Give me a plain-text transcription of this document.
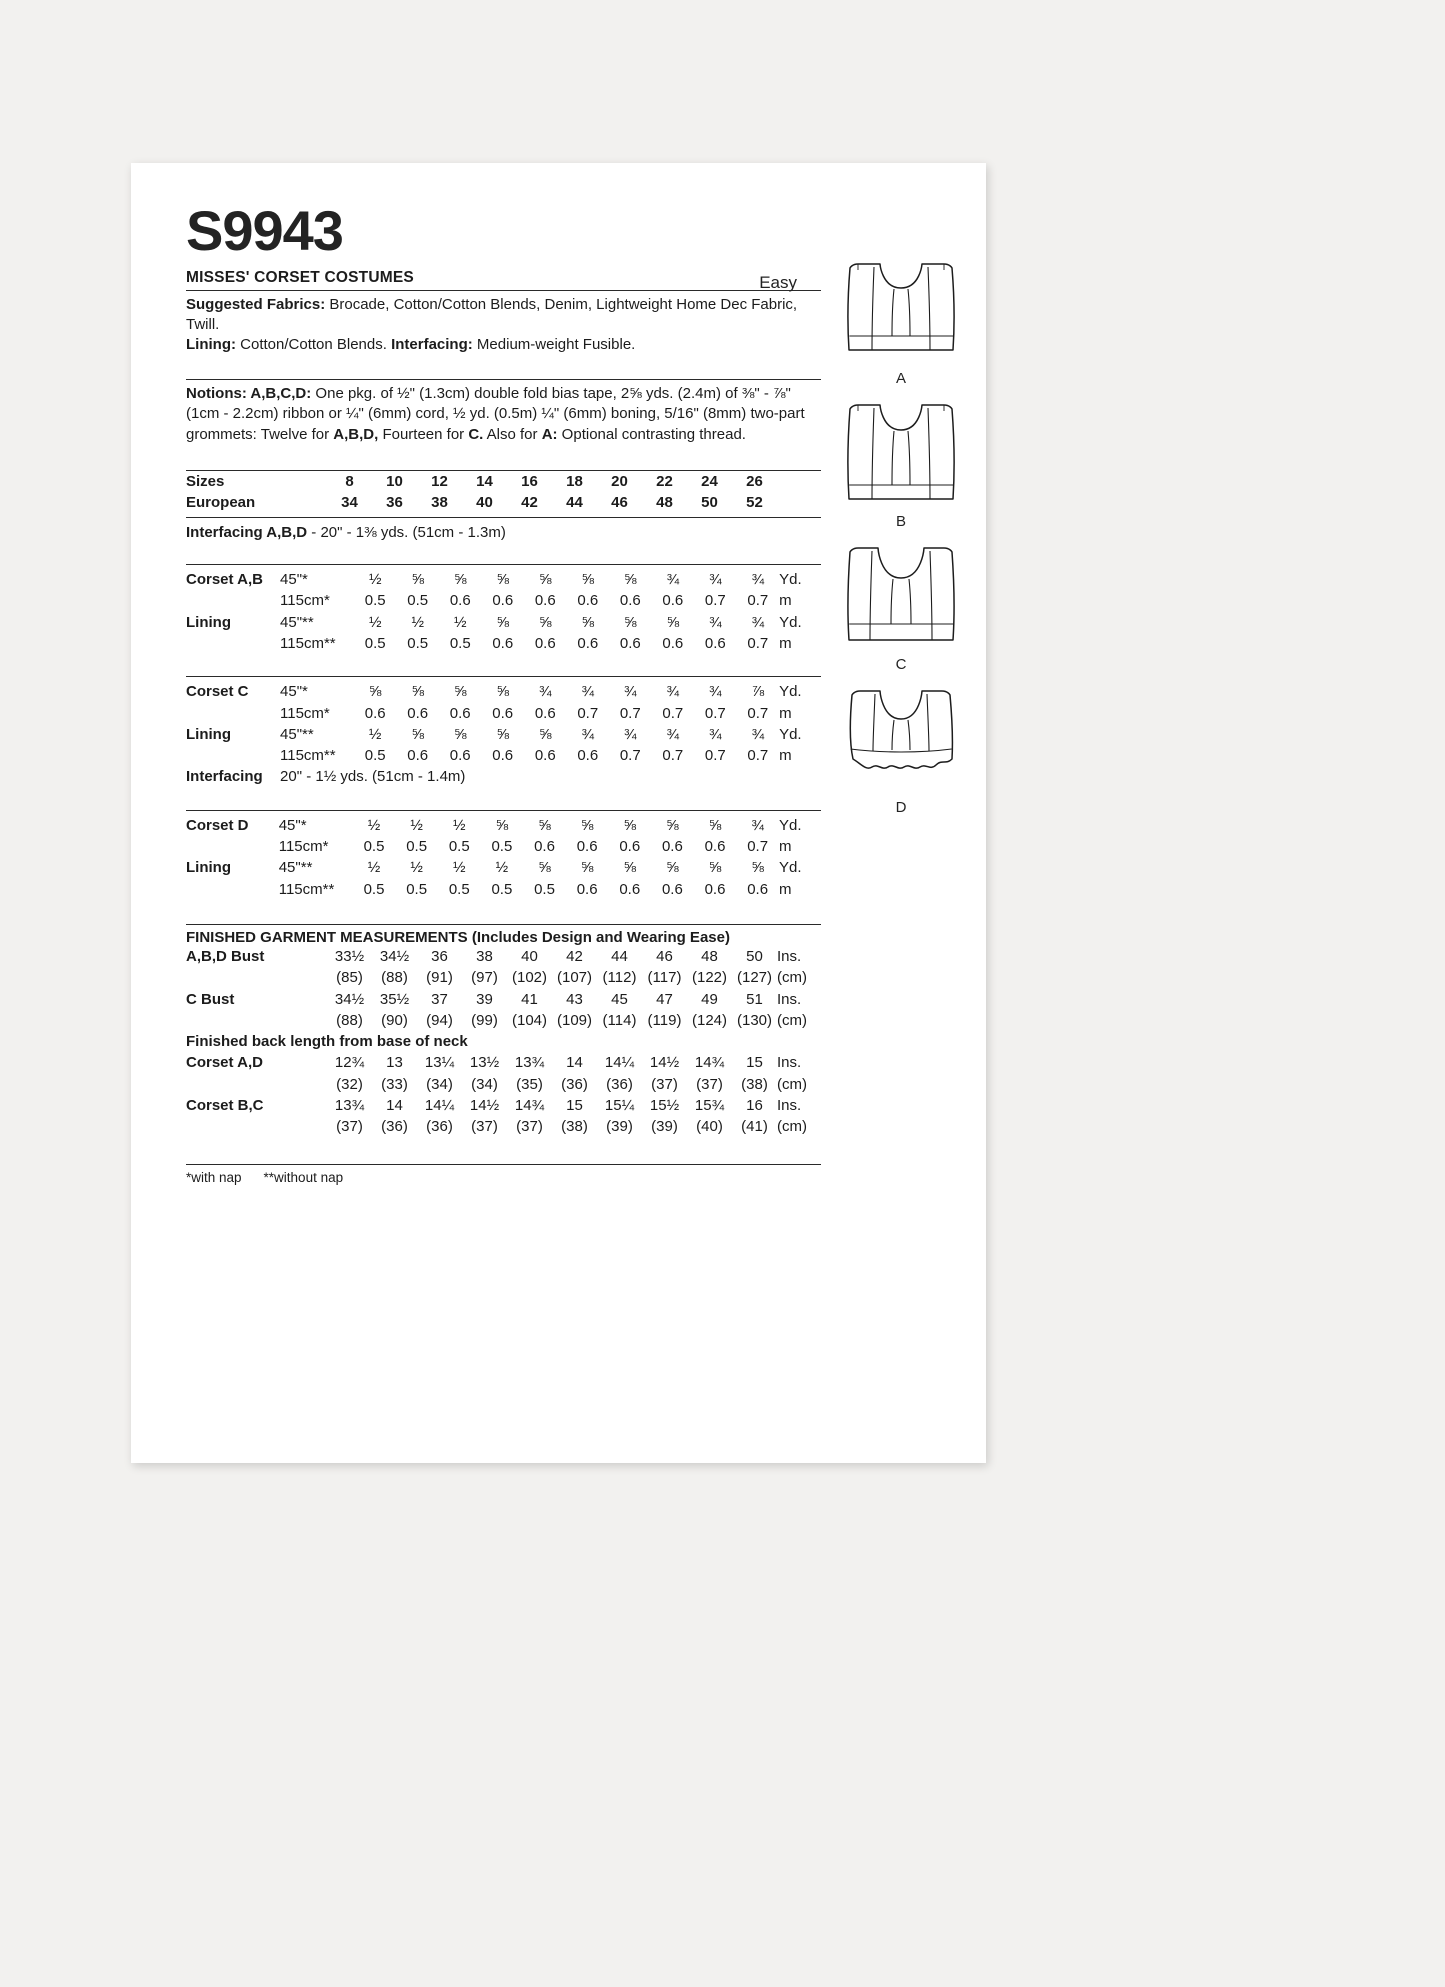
A
B
C
D
S9943
Easy
MISSES' CORSET COSTUMES
Suggested Fabrics: Brocade, Cotton/Cotton Blends, Denim, Lightweight Home Dec Fabric, Twill.
Lining: Cotton/Cotton Blends. Interfacing: Medium-weight Fusible.
Notions: A,B,C,D: One pkg. of ½" (1.3cm) double fold bias tape, 2⅝ yds. (2.4m) of ⅜" - ⅞"
(1cm - 2.2cm) ribbon or ¼" (6mm) cord, ½ yd. (0.5m) ¼" (6mm) boning, 5/16" (8mm) two-part
grommets: Twelve for A,B,D, Fourteen for C. Also for A: Optional contrasting thread.
Sizes	8	10	12	14	16	18	20	22	24	26	
European	34	36	38	40	42	44	46	48	50	52	
Interfacing A,B,D - 20" - 1⅜ yds. (51cm - 1.3m)
Corset A,B	45"*	½	⅝	⅝	⅝	⅝	⅝	⅝	¾	¾	¾	Yd.
	115cm*	0.5	0.5	0.6	0.6	0.6	0.6	0.6	0.6	0.7	0.7	m
Lining	45"**	½	½	½	⅝	⅝	⅝	⅝	⅝	¾	¾	Yd.
	115cm**	0.5	0.5	0.5	0.6	0.6	0.6	0.6	0.6	0.6	0.7	m
Corset C	45"*	⅝	⅝	⅝	⅝	¾	¾	¾	¾	¾	⅞	Yd.
	115cm*	0.6	0.6	0.6	0.6	0.6	0.7	0.7	0.7	0.7	0.7	m
Lining	45"**	½	⅝	⅝	⅝	⅝	¾	¾	¾	¾	¾	Yd.
	115cm**	0.5	0.6	0.6	0.6	0.6	0.6	0.7	0.7	0.7	0.7	m
Interfacing	20" - 1½ yds. (51cm - 1.4m)											
Corset D	45"*	½	½	½	⅝	⅝	⅝	⅝	⅝	⅝	¾	Yd.
	115cm*	0.5	0.5	0.5	0.5	0.6	0.6	0.6	0.6	0.6	0.7	m
Lining	45"**	½	½	½	½	⅝	⅝	⅝	⅝	⅝	⅝	Yd.
	115cm**	0.5	0.5	0.5	0.5	0.5	0.6	0.6	0.6	0.6	0.6	m
FINISHED GARMENT MEASUREMENTS (Includes Design and Wearing Ease)
A,B,D Bust	33½	34½	36	38	40	42	44	46	48	50	Ins.
	(85)	(88)	(91)	(97)	(102)	(107)	(112)	(117)	(122)	(127)	(cm)
C Bust	34½	35½	37	39	41	43	45	47	49	51	Ins.
	(88)	(90)	(94)	(99)	(104)	(109)	(114)	(119)	(124)	(130)	(cm)
Finished back length from base of neck											
Corset A,D	12¾	13	13¼	13½	13¾	14	14¼	14½	14¾	15	Ins.
	(32)	(33)	(34)	(34)	(35)	(36)	(36)	(37)	(37)	(38)	(cm)
Corset B,C	13¾	14	14¼	14½	14¾	15	15¼	15½	15¾	16	Ins.
	(37)	(36)	(36)	(37)	(37)	(38)	(39)	(39)	(40)	(41)	(cm)
*with nap **without nap
